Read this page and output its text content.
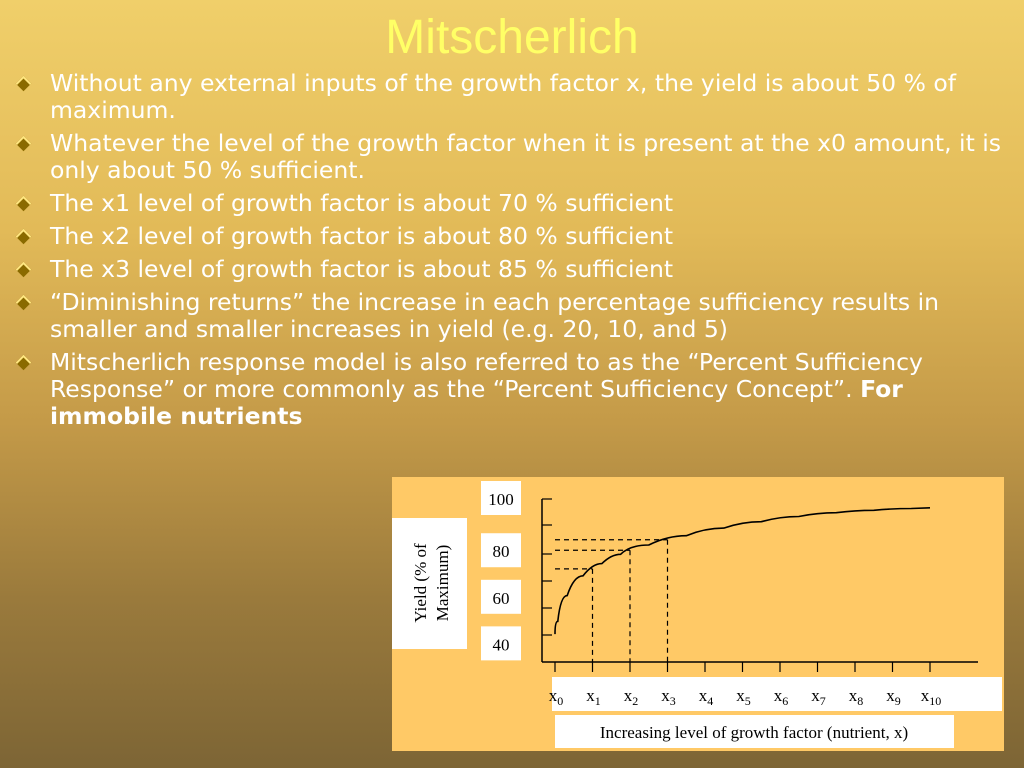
Mitscherlich
Without any external inputs of the growth factor x, the yield is about 50 % of maximum.
Whatever the level of the growth factor when it is present at the x0 amount, it is only about 50 % sufficient.
The x1 level of growth factor is about 70 % sufficient
The x2 level of growth factor is about 80 % sufficient
The x3 level of growth factor is about 85 % sufficient
“Diminishing returns” the increase in each percentage sufficiency results in smaller and smaller increases in yield (e.g. 20, 10, and 5)
Mitscherlich response model is also referred to as the “Percent Sufficiency Response” or more commonly as the “Percent Sufficiency Concept”. For immobile nutrients
Yield (% of Maximum)
100
80
60
40
$x_0$ $x_1$ $x_2$ $x_3$ $x_4$ $x_5$ $x_6$ $x_7$ $x_8$ $x_9$ $x_{10}$
Increasing level of growth factor (nutrient, x)
